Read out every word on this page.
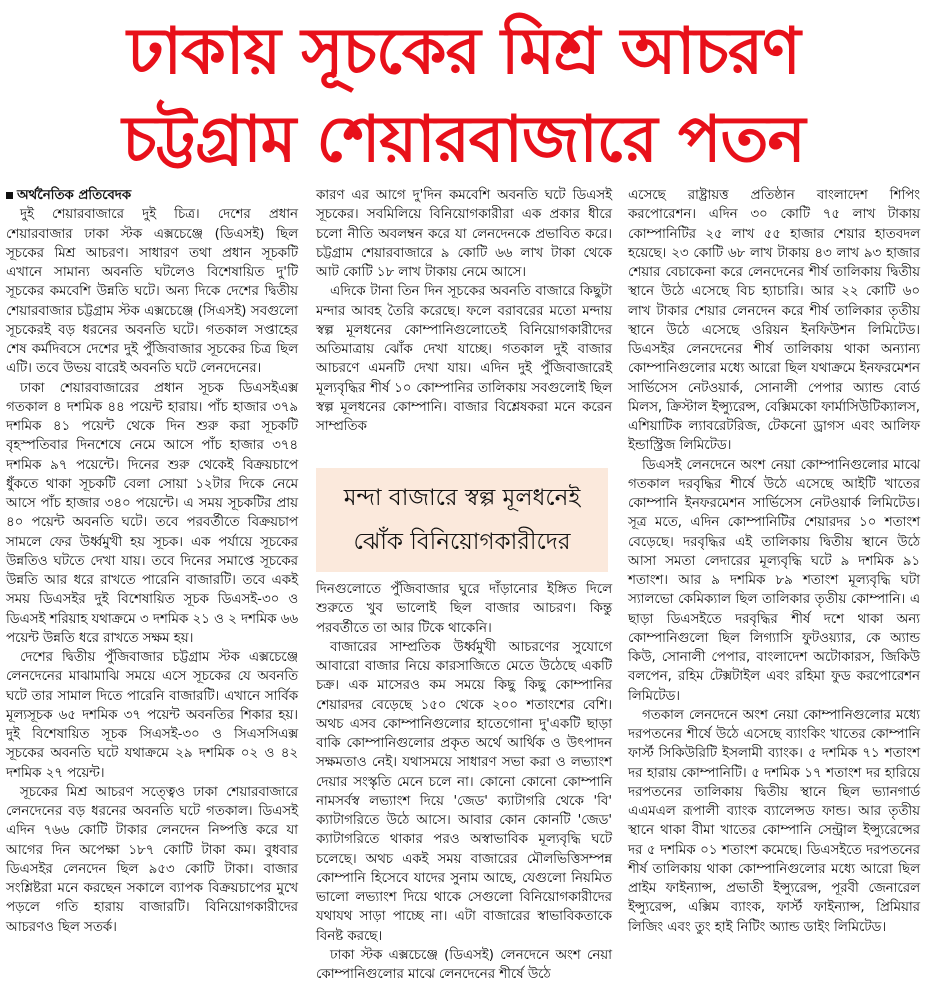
ঢাকায় সূচকের মিশ্র আচরণ
চট্টগ্রাম শেয়ারবাজারে পতন

অর্থনৈতিক প্রতিবেদক

দুই শেয়ারবাজারে দুই চিত্র। দেশের প্রধান শেয়ারবাজার ঢাকা স্টক এক্সচেঞ্জে (ডিএসই) ছিল সূচকের মিশ্র আচরণ। সাধারণ তথা প্রধান সূচকটি এখানে সামান্য অবনতি ঘটলেও বিশেষায়িত দু'টি সূচকের কমবেশি উন্নতি ঘটে। অন্য দিকে দেশের দ্বিতীয় শেয়ারবাজার চট্টগ্রাম স্টক এক্সচেঞ্জে (সিএসই) সবগুলো সূচকেরই বড় ধরনের অবনতি ঘটে। গতকাল সপ্তাহের শেষ কর্মদিবসে দেশের দুই পুঁজিবাজার সূচকের চিত্র ছিল এটি। তবে উভয় বারেই অবনতি ঘটে লেনদেনের।

ঢাকা শেয়ারবাজারের প্রধান সূচক ডিএসইএক্স গতকাল ৪ দশমিক ৪৪ পয়েন্ট হারায়। পাঁচ হাজার ৩৭৯ দশমিক ৪১ পয়েন্ট থেকে দিন শুরু করা সূচকটি বৃহস্পতিবার দিনশেষে নেমে আসে পাঁচ হাজার ৩৭৪ দশমিক ৯৭ পয়েন্টে। দিনের শুরু থেকেই বিক্রয়চাপে ধুঁকতে থাকা সূচকটি বেলা সোয়া ১২টার দিকে নেমে আসে পাঁচ হাজার ৩৪০ পয়েন্টে। এ সময় সূচকটির প্রায় ৪০ পয়েন্ট অবনতি ঘটে। তবে পরবর্তীতে বিক্রয়চাপ সামলে ফের উর্ধ্বমুখী হয় সূচক। এক পর্যায়ে সূচকের উন্নতিও ঘটতে দেখা যায়। তবে দিনের সমাপ্তে সূচকের উন্নতি আর ধরে রাখতে পারেনি বাজারটি। তবে একই সময় ডিএসইর দুই বিশেষায়িত সূচক ডিএসই-৩০ ও ডিএসই শরিয়াহ যথাক্রমে ৩ দশমিক ২১ ও ২ দশমিক ৬৬ পয়েন্ট উন্নতি ধরে রাখতে সক্ষম হয়।

দেশের দ্বিতীয় পুঁজিবাজার চট্টগ্রাম স্টক এক্সচেঞ্জে লেনদেনের মাঝামাঝি সময়ে এসে সূচকের যে অবনতি ঘটে তার সামাল দিতে পারেনি বাজারটি। এখানে সার্বিক মূল্যসূচক ৬৫ দশমিক ৩৭ পয়েন্ট অবনতির শিকার হয়। দুই বিশেষায়িত সূচক সিএসই-৩০ ও সিএসসিএক্স সূচকের অবনতি ঘটে যথাক্রমে ২৯ দশমিক ০২ ও ৪২ দশমিক ২৭ পয়েন্ট।

সূচকের মিশ্র আচরণ সত্ত্বেও ঢাকা শেয়ারবাজারে লেনদেনের বড় ধরনের অবনতি ঘটে গতকাল। ডিএসই এদিন ৭৬৬ কোটি টাকার লেনদেন নিষ্পত্তি করে যা আগের দিন অপেক্ষা ১৮৭ কোটি টাকা কম। বুধবার ডিএসইর লেনদেন ছিল ৯৫৩ কোটি টাকা। বাজার সংশ্লিষ্টরা মনে করছেন সকালে ব্যাপক বিক্রয়চাপের মুখে পড়লে গতি হারায় বাজারটি। বিনিয়োগকারীদের আচরণও ছিল সতর্ক।

কারণ এর আগে দু'দিন কমবেশি অবনতি ঘটে ডিএসই সূচকের। সবমিলিয়ে বিনিয়োগকারীরা এক প্রকার ধীরে চলো নীতি অবলম্বন করে যা লেনদেনকে প্রভাবিত করে। চট্টগ্রাম শেয়ারবাজারে ৯ কোটি ৬৬ লাখ টাকা থেকে আট কোটি ১৮ লাখ টাকায় নেমে আসে।

এদিকে টানা তিন দিন সূচকের অবনতি বাজারে কিছুটা মন্দার আবহ তৈরি করেছে। ফলে বরাবরের মতো মন্দায় স্বল্প মূলধনের কোম্পানিগুলোতেই বিনিয়োগকারীদের অতিমাত্রায় ঝোঁক দেখা যাচ্ছে। গতকাল দুই বাজার আচরণে এমনটি দেখা যায়। এদিন দুই পুঁজিবাজারেই মূল্যবৃদ্ধির শীর্ষ ১০ কোম্পানির তালিকায় সবগুলোই ছিল স্বল্প মূলধনের কোম্পানি। বাজার বিশ্লেষকরা মনে করেন সাম্প্রতিক

দিনগুলোতে পুঁজিবাজার ঘুরে দাঁড়ানোর ইঙ্গিত দিলে শুরুতে খুব ভালোই ছিল বাজার আচরণ। কিন্তু পরবর্তীতে তা আর টিকে থাকেনি।

বাজারের সাম্প্রতিক উর্ধ্বমুখী আচরণের সুযোগে আবারো বাজার নিয়ে কারসাজিতে মেতে উঠেছে একটি চক্র। এক মাসেরও কম সময়ে কিছু কিছু কোম্পানির শেয়ারদর বেড়েছে ১৫০ থেকে ২০০ শতাংশের বেশি। অথচ এসব কোম্পানিগুলোর হাতেগোনা দু'একটি ছাড়া বাকি কোম্পানিগুলোর প্রকৃত অর্থে আর্থিক ও উৎপাদন সক্ষমতাও নেই। যথাসময়ে সাধারণ সভা করা ও লভ্যাংশ দেয়ার সংস্কৃতি মেনে চলে না। কোনো কোনো কোম্পানি নামসর্বস্ব লভ্যাংশ দিয়ে 'জেড' ক্যাটাগরি থেকে 'বি' ক্যাটাগরিতে উঠে আসে। আবার কোন কোনটি 'জেড' ক্যাটাগরিতে থাকার পরও অস্বাভাবিক মূল্যবৃদ্ধি ঘটে চলেছে। অথচ একই সময় বাজারের মৌলভিত্তিসম্পন্ন কোম্পানি হিসেবে যাদের সুনাম আছে, যেগুলো নিয়মিত ভালো লভ্যাংশ দিয়ে থাকে সেগুলো বিনিয়োগকারীদের যথাযথ সাড়া পাচ্ছে না। এটা বাজারের স্বাভাবিকতাকে বিনষ্ট করছে।

ঢাকা স্টক এক্সচেঞ্জে (ডিএসই) লেনদেনে অংশ নেয়া কোম্পানিগুলোর মাঝে লেনদেনের শীর্ষে উঠে

মন্দা বাজারে স্বল্প মূলধনেই
ঝোঁক বিনিয়োগকারীদের

এসেছে রাষ্ট্রায়ত্ত প্রতিষ্ঠান বাংলাদেশ শিপিং করপোরেশন। এদিন ৩০ কোটি ৭৫ লাখ টাকায় কোম্পানিটির ২৫ লাখ ৫৫ হাজার শেয়ার হাতবদল হয়েছে। ২৩ কোটি ৬৮ লাখ টাকায় ৪৩ লাখ ৯৩ হাজার শেয়ার বেচাকেনা করে লেনদেনের শীর্ষ তালিকায় দ্বিতীয় স্থানে উঠে এসেছে বিচ হ্যাচারি। আর ২২ কোটি ৬০ লাখ টাকার শেয়ার লেনদেন করে শীর্ষ তালিকার তৃতীয় স্থানে উঠে এসেছে ওরিয়ন ইনফিউশন লিমিটেড। ডিএসইর লেনদেনের শীর্ষ তালিকায় থাকা অন্যান্য কোম্পানিগুলোর মধ্যে আরো ছিল যথাক্রমে ইনফরমেশন সার্ভিসেস নেটওয়ার্ক, সোনালী পেপার অ্যান্ড বোর্ড মিলস, ক্রিস্টাল ইন্স্যুরেন্স, বেক্সিমকো ফার্মাসিউটিক্যালস, এশিয়াটিক ল্যাবরেটরিজ, টেকনো ড্রাগস এবং আলিফ ইন্ডাস্ট্রিজ লিমিটেড।

ডিএসই লেনদেনে অংশ নেয়া কোম্পানিগুলোর মাঝে গতকাল দরবৃদ্ধির শীর্ষে উঠে এসেছে আইটি খাতের কোম্পানি ইনফরমেশন সার্ভিসেস নেটওয়ার্ক লিমিটেড। সূত্র মতে, এদিন কোম্পানিটির শেয়ারদর ১০ শতাংশ বেড়েছে। দরবৃদ্ধির এই তালিকায় দ্বিতীয় স্থানে উঠে আসা সমতা লেদারের মূল্যবৃদ্ধি ঘটে ৯ দশমিক ৯১ শতাংশ। আর ৯ দশমিক ৮৯ শতাংশ মূল্যবৃদ্ধি ঘটা স্যালভো কেমিক্যাল ছিল তালিকার তৃতীয় কোম্পানি। এ ছাড়া ডিএসইতে দরবৃদ্ধির শীর্ষ দশে থাকা অন্য কোম্পানিগুলো ছিল লিগ্যাসি ফুটওয়্যার, কে অ্যান্ড কিউ, সোনালী পেপার, বাংলাদেশ অটোকারস, জিকিউ বলপেন, রহিম টেক্সটাইল এবং রহিমা ফুড করপোরেশন লিমিটেড।

গতকাল লেনদেনে অংশ নেয়া কোম্পানিগুলোর মধ্যে দরপতনের শীর্ষে উঠে এসেছে ব্যাংকিং খাতের কোম্পানি ফার্স্ট সিকিউরিটি ইসলামী ব্যাংক। ৫ দশমিক ৭১ শতাংশ দর হারায় কোম্পানিটি। ৫ দশমিক ১৭ শতাংশ দর হারিয়ে দরপতনের তালিকায় দ্বিতীয় স্থানে ছিল ভ্যানগার্ড এএমএল রূপালী ব্যাংক ব্যালেন্সড ফান্ড। আর তৃতীয় স্থানে থাকা বীমা খাতের কোম্পানি সেন্ট্রাল ইন্স্যুরেন্সের দর ৫ দশমিক ০১ শতাংশ কমেছে। ডিএসইতে দরপতনের শীর্ষ তালিকায় থাকা কোম্পানিগুলোর মধ্যে আরো ছিল প্রাইম ফাইন্যান্স, প্রভাতী ইন্স্যুরেন্স, পূরবী জেনারেল ইন্স্যুরেন্স, এক্সিম ব্যাংক, ফার্স্ট ফাইন্যান্স, প্রিমিয়ার লিজিং এবং তুং হাই নিটিং অ্যান্ড ডাইং লিমিটেড।
